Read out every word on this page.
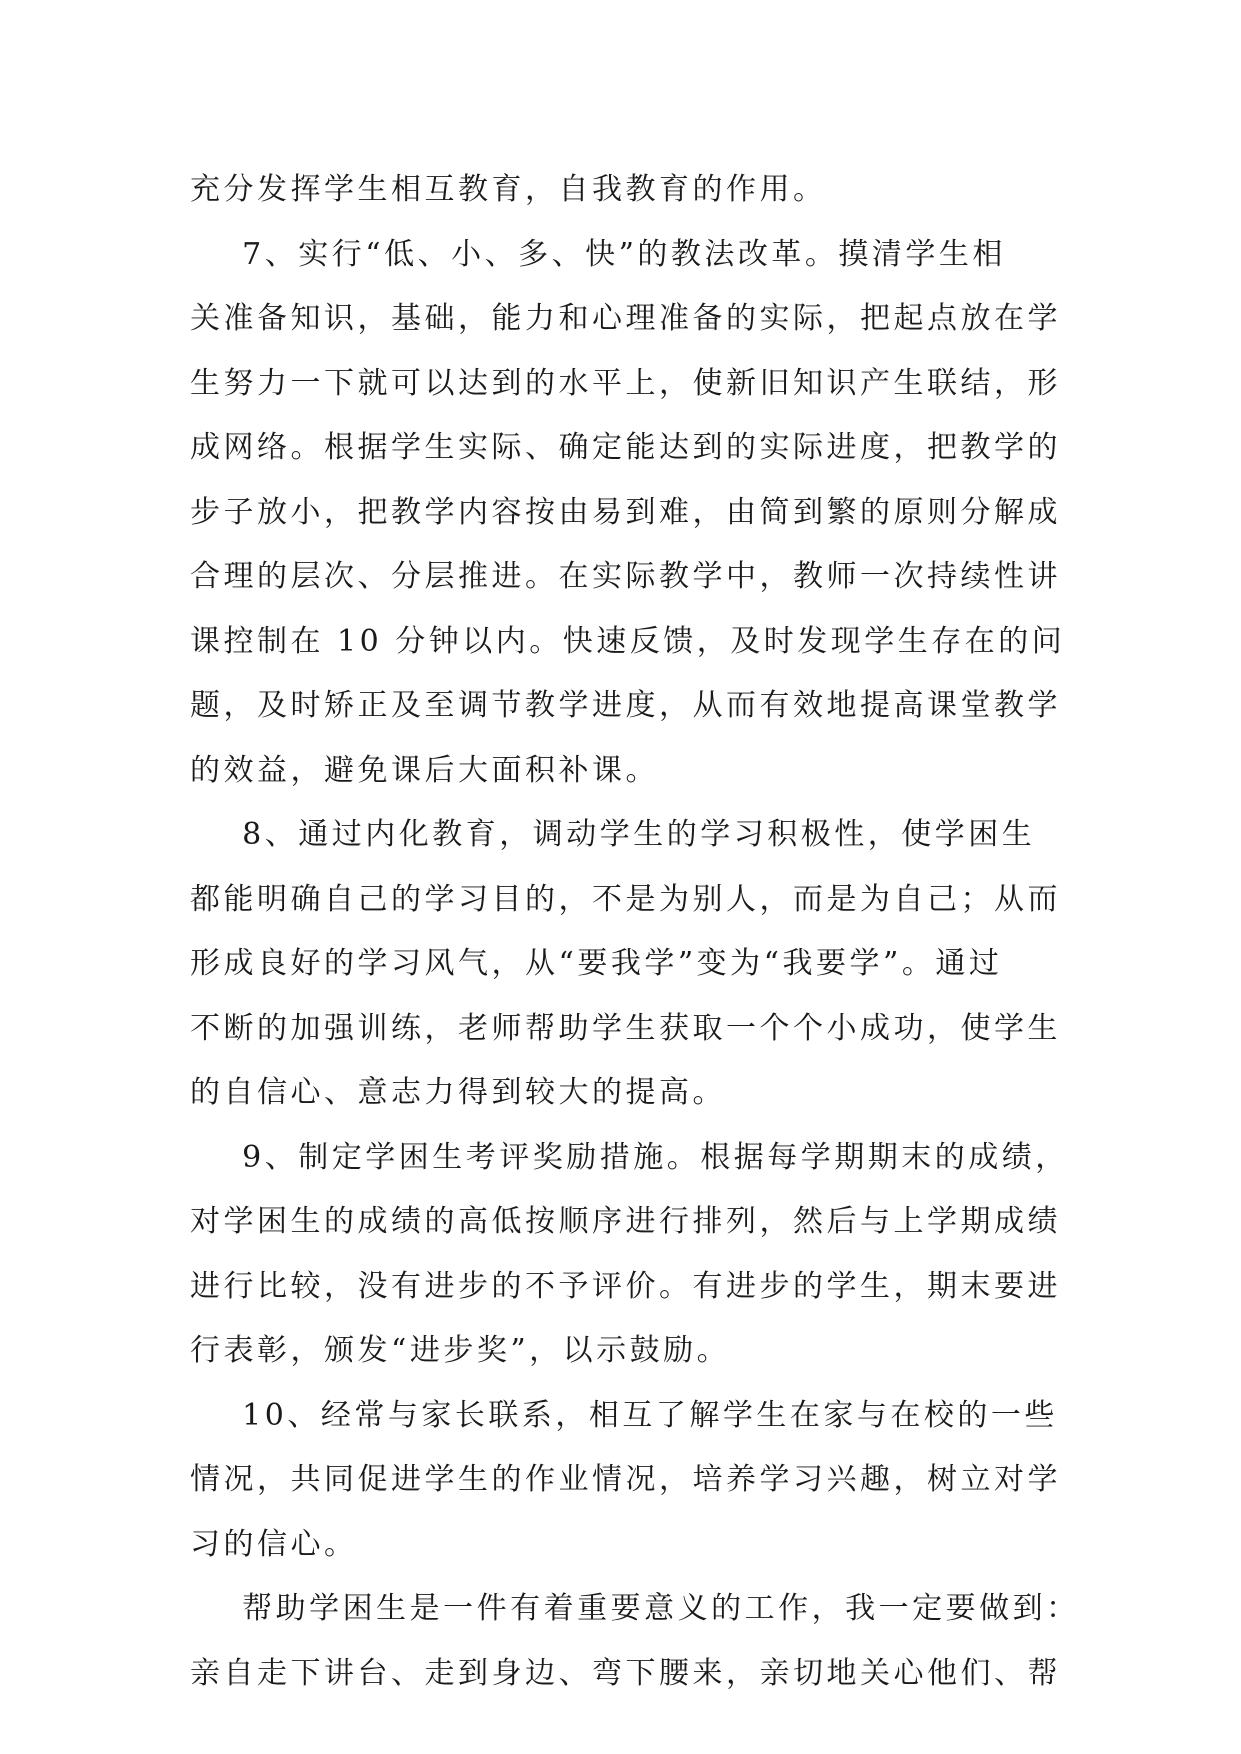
充分发挥学生相互教育，自我教育的作用。
7、实行“低、小、多、快”的教法改革。摸清学生相
关准备知识，基础，能力和心理准备的实际，把起点放在学
生努力一下就可以达到的水平上，使新旧知识产生联结，形
成网络。根据学生实际、确定能达到的实际进度，把教学的
步子放小，把教学内容按由易到难，由简到繁的原则分解成
合理的层次、分层推进。在实际教学中，教师一次持续性讲
课控制在 10 分钟以内。快速反馈，及时发现学生存在的问
题，及时矫正及至调节教学进度，从而有效地提高课堂教学
的效益，避免课后大面积补课。
8、通过内化教育，调动学生的学习积极性，使学困生
都能明确自己的学习目的，不是为别人，而是为自己；从而
形成良好的学习风气，从“要我学”变为“我要学”。通过
不断的加强训练，老师帮助学生获取一个个小成功，使学生
的自信心、意志力得到较大的提高。
9、制定学困生考评奖励措施。根据每学期期末的成绩，
对学困生的成绩的高低按顺序进行排列，然后与上学期成绩
进行比较，没有进步的不予评价。有进步的学生，期末要进
行表彰，颁发“进步奖”，以示鼓励。
10、经常与家长联系，相互了解学生在家与在校的一些
情况，共同促进学生的作业情况，培养学习兴趣，树立对学
习的信心。
帮助学困生是一件有着重要意义的工作，我一定要做到：
亲自走下讲台、走到身边、弯下腰来，亲切地关心他们、帮
